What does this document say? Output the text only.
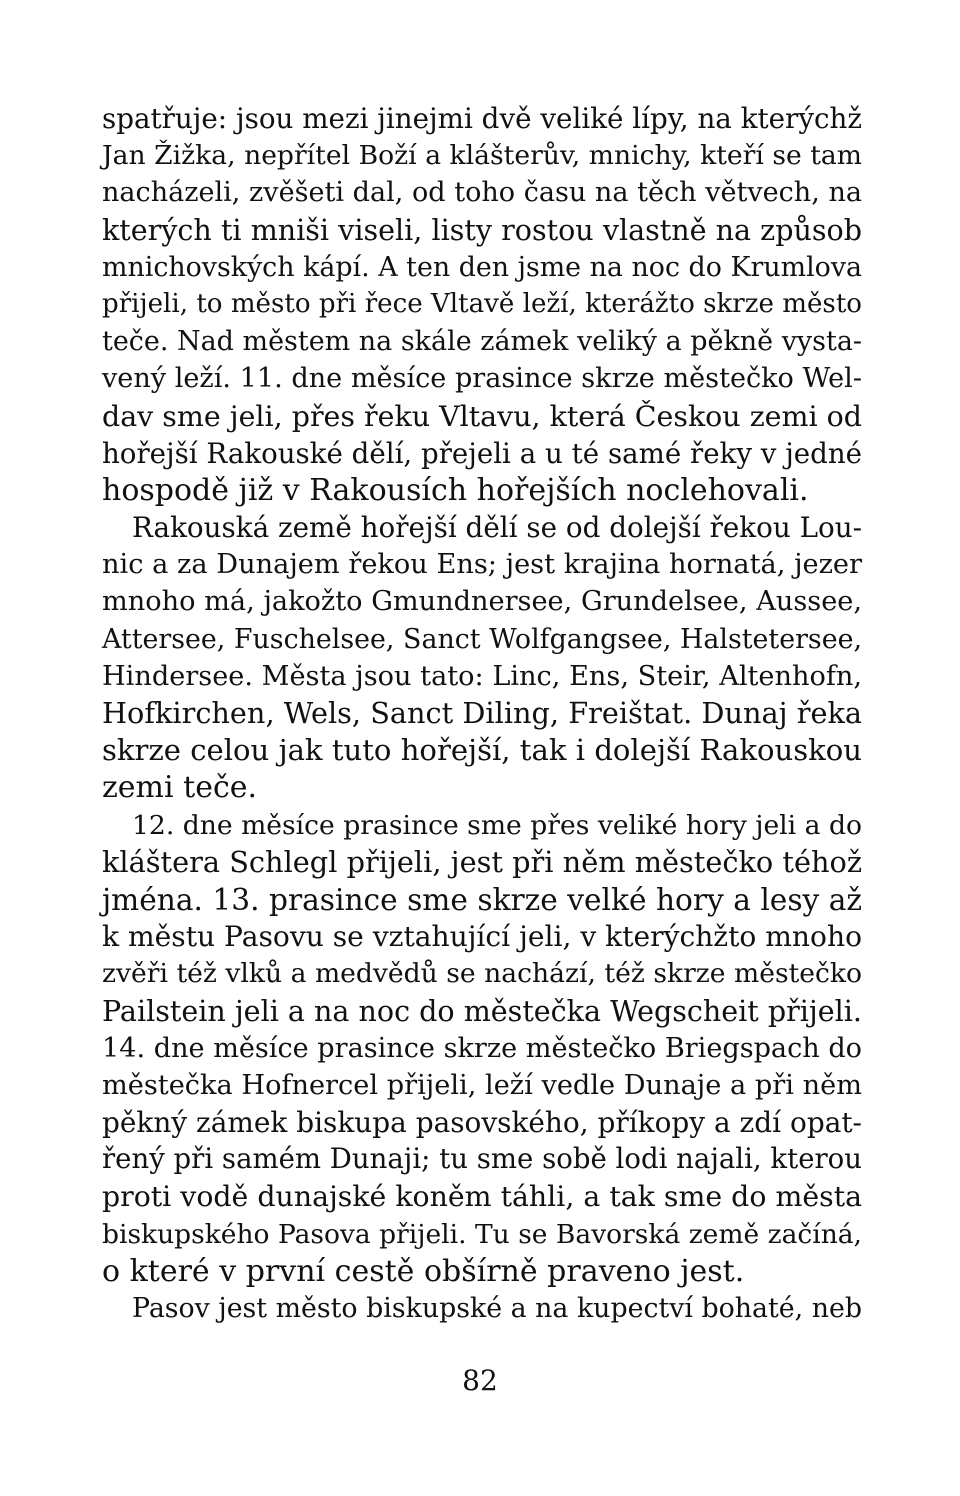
spatřuje: jsou mezi jinejmi dvě veliké lípy, na kterýchž
Jan Žižka, nepřítel Boží a klášterův, mnichy, kteří se tam
nacházeli, zvěšeti dal, od toho času na těch větvech, na
kterých ti mniši viseli, listy rostou vlastně na způsob
mnichovských kápí. A ten den jsme na noc do Krumlova
přijeli, to město při řece Vltavě leží, kterážto skrze město
teče. Nad městem na skále zámek veliký a pěkně vysta-
vený leží. 11. dne měsíce prasince skrze městečko Wel-
dav sme jeli, přes řeku Vltavu, která Českou zemi od
hořejší Rakouské dělí, přejeli a u té samé řeky v jedné
hospodě již v Rakousích hořejších noclehovali.
Rakouská země hořejší dělí se od dolejší řekou Lou-
nic a za Dunajem řekou Ens; jest krajina hornatá, jezer
mnoho má, jakožto Gmundnersee, Grundelsee, Aussee,
Attersee, Fuschelsee, Sanct Wolfgangsee, Halstetersee,
Hindersee. Města jsou tato: Linc, Ens, Steir, Altenhofn,
Hofkirchen, Wels, Sanct Diling, Freištat. Dunaj řeka
skrze celou jak tuto hořejší, tak i dolejší Rakouskou
zemi teče.
12. dne měsíce prasince sme přes veliké hory jeli a do
kláštera Schlegl přijeli, jest při něm městečko téhož
jména. 13. prasince sme skrze velké hory a lesy až
k městu Pasovu se vztahující jeli, v kterýchžto mnoho
zvěři též vlků a medvědů se nachází, též skrze městečko
Pailstein jeli a na noc do městečka Wegscheit přijeli.
14. dne měsíce prasince skrze městečko Briegspach do
městečka Hofnercel přijeli, leží vedle Dunaje a při něm
pěkný zámek biskupa pasovského, příkopy a zdí opat-
řený při samém Dunaji; tu sme sobě lodi najali, kterou
proti vodě dunajské koněm táhli, a tak sme do města
biskupského Pasova přijeli. Tu se Bavorská země začíná,
o které v první cestě obšírně praveno jest.
Pasov jest město biskupské a na kupectví bohaté, neb
82
